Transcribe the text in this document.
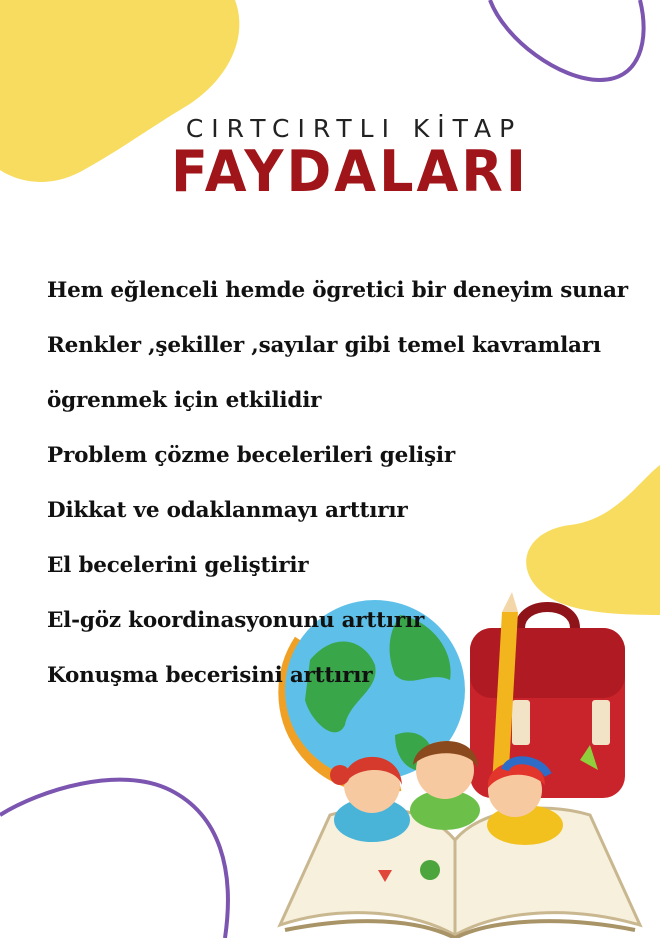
CIRTCIRTLI KİTAP
FAYDALARI
Hem eğlenceli hemde ögretici bir deneyim sunar
Renkler ,şekiller ,sayılar gibi temel kavramları
ögrenmek için etkilidir
Problem çözme becelerileri gelişir
Dikkat ve odaklanmayı arttırır
El becelerini geliştirir
El-göz koordinasyonunu arttırır
Konuşma becerisini arttırır
